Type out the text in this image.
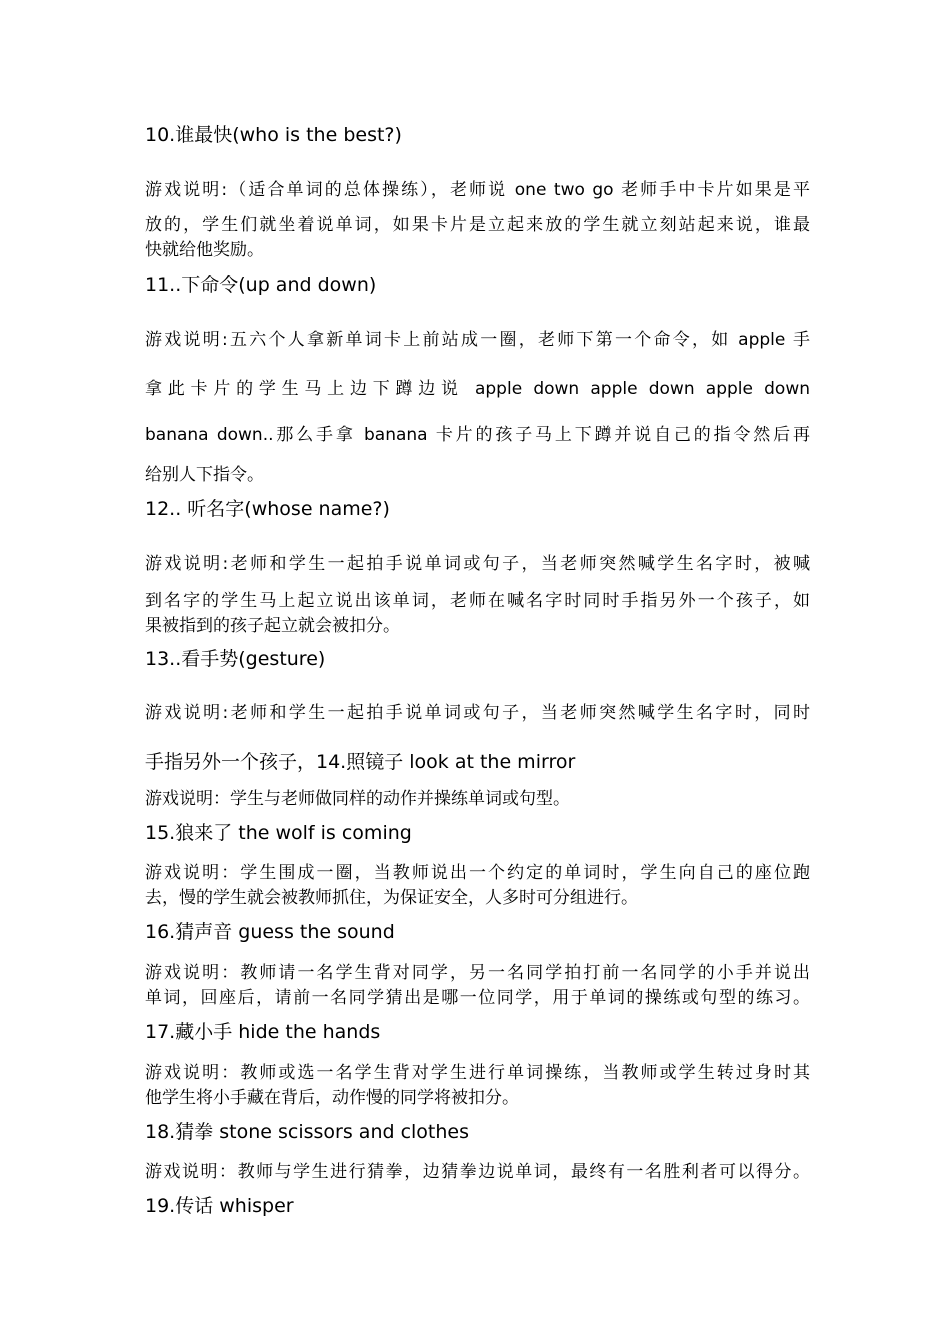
10.谁最快(who is the best?)
游戏说明:（适合单词的总体操练），老师说 one two go 老师手中卡片如果是平
放的，学生们就坐着说单词，如果卡片是立起来放的学生就立刻站起来说，谁最
快就给他奖励。
11..下命令(up and down)
游戏说明:五六个人拿新单词卡上前站成一圈，老师下第一个命令，如 apple 手
拿此卡片的学生马上边下蹲边说 apple down apple down apple down
banana down..那么手拿 banana 卡片的孩子马上下蹲并说自己的指令然后再
给别人下指令。
12.. 听名字(whose name?)
游戏说明:老师和学生一起拍手说单词或句子，当老师突然喊学生名字时，被喊
到名字的学生马上起立说出该单词，老师在喊名字时同时手指另外一个孩子，如
果被指到的孩子起立就会被扣分。
13..看手势(gesture)
游戏说明:老师和学生一起拍手说单词或句子，当老师突然喊学生名字时，同时
手指另外一个孩子，14.照镜子 look at the mirror
游戏说明：学生与老师做同样的动作并操练单词或句型。
15.狼来了 the wolf is coming
游戏说明：学生围成一圈，当教师说出一个约定的单词时，学生向自己的座位跑
去，慢的学生就会被教师抓住，为保证安全，人多时可分组进行。
16.猜声音 guess the sound
游戏说明：教师请一名学生背对同学，另一名同学拍打前一名同学的小手并说出
单词，回座后，请前一名同学猜出是哪一位同学，用于单词的操练或句型的练习。
17.藏小手 hide the hands
游戏说明：教师或选一名学生背对学生进行单词操练，当教师或学生转过身时其
他学生将小手藏在背后，动作慢的同学将被扣分。
18.猜拳 stone scissors and clothes
游戏说明：教师与学生进行猜拳，边猜拳边说单词，最终有一名胜利者可以得分。
19.传话 whisper
